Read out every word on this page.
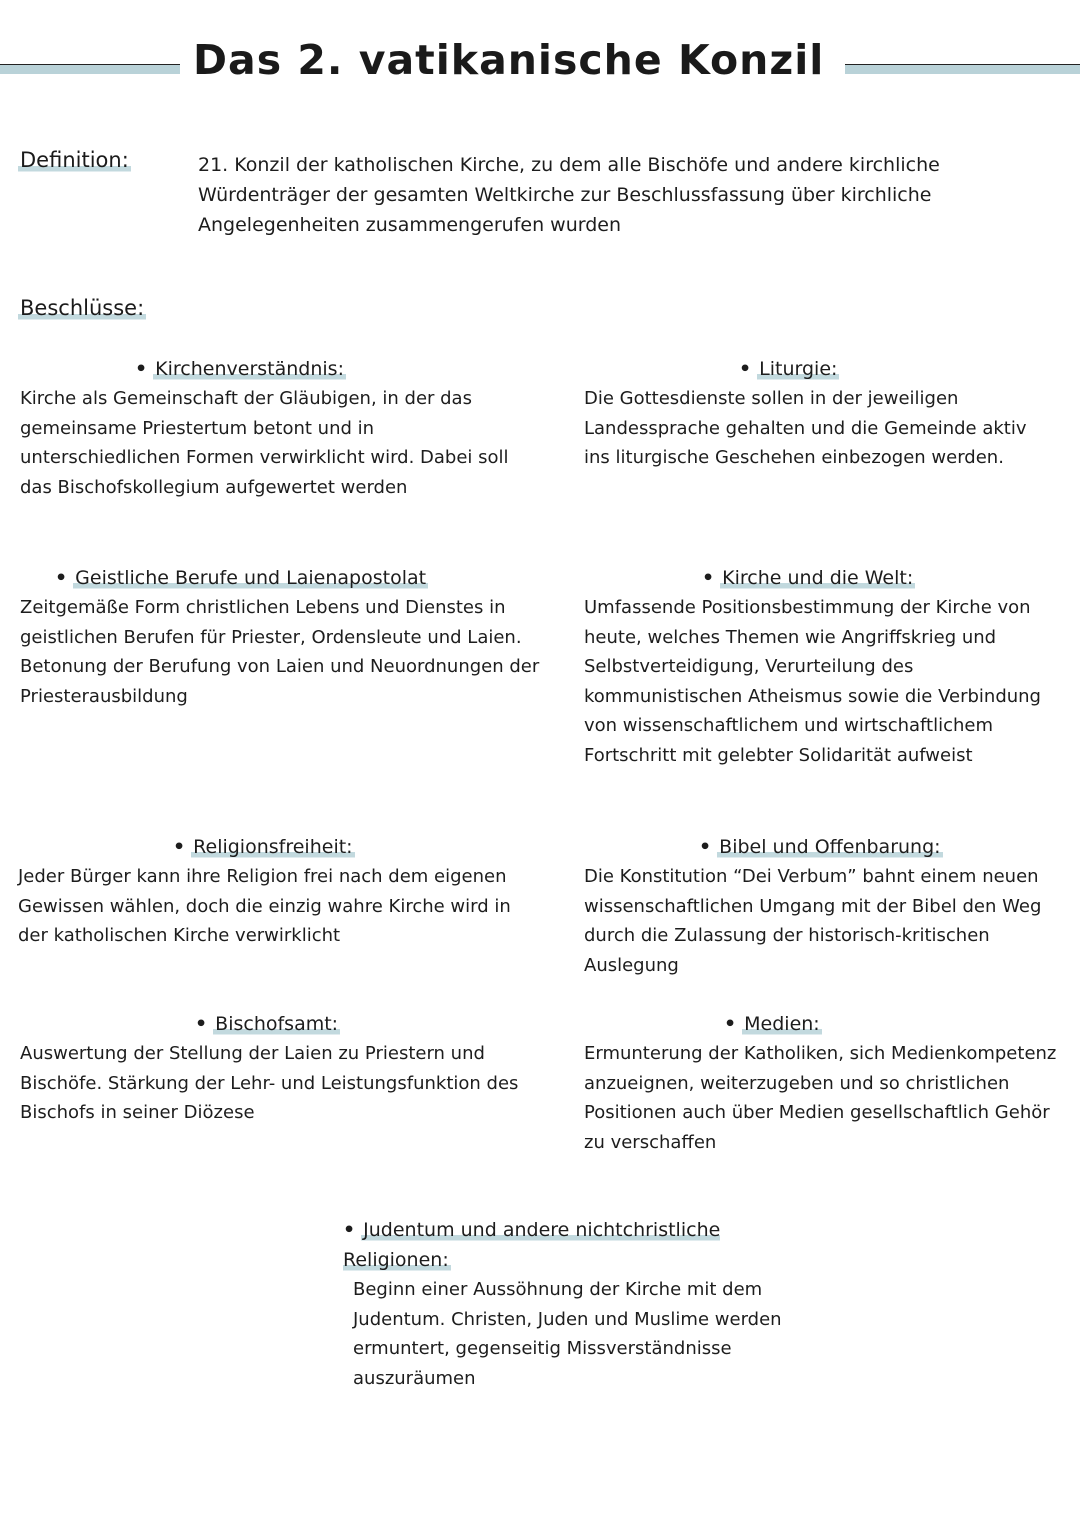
Das 2. vatikanische Konzil
Definition:	21. Konzil der katholischen Kirche, zu dem alle Bischöfe und andere kirchliche Würdenträger der gesamten Weltkirche zur Beschlussfassung über kirchliche Angelegenheiten zusammengerufen wurden
Beschlüsse:
• Kirchenverständnis:

Kirche als Gemeinschaft der Gläubigen, in der das gemeinsame Priestertum betont und in unterschiedlichen Formen verwirklicht wird. Dabei soll das Bischofskollegium aufgewertet werden

• Geistliche Berufe und Laienapostolat

Zeitgemäße Form christlichen Lebens und Dienstes in geistlichen Berufen für Priester, Ordensleute und Laien. Betonung der Berufung von Laien und Neuordnungen der Priesterausbildung

• Religionsfreiheit:

Jeder Bürger kann ihre Religion frei nach dem eigenen Gewissen wählen, doch die einzig wahre Kirche wird in der katholischen Kirche verwirklicht

• Bischofsamt:

Auswertung der Stellung der Laien zu Priestern und Bischöfe. Stärkung der Lehr- und Leistungsfunktion des Bischofs in seiner Diözese

• Liturgie:

Die Gottesdienste sollen in der jeweiligen Landessprache gehalten und die Gemeinde aktiv ins liturgische Geschehen einbezogen werden.

• Kirche und die Welt:

Umfassende Positionsbestimmung der Kirche von heute, welches Themen wie Angriffskrieg und Selbstverteidigung, Verurteilung des kommunistischen Atheismus sowie die Verbindung von wissenschaftlichem und wirtschaftlichem Fortschritt mit gelebter Solidarität aufweist

• Bibel und Offenbarung:

Die Konstitution “Dei Verbum” bahnt einem neuen wissenschaftlichen Umgang mit der Bibel den Weg durch die Zulassung der historisch-kritischen Auslegung

• Medien:

Ermunterung der Katholiken, sich Medienkompetenz anzueignen, weiterzugeben und so christlichen Positionen auch über Medien gesellschaftlich Gehör zu verschaffen

• Judentum und andere nichtchristliche Religionen:

Beginn einer Aussöhnung der Kirche mit dem Judentum. Christen, Juden und Muslime werden ermuntert, gegenseitig Missverständnisse auszuräumen
